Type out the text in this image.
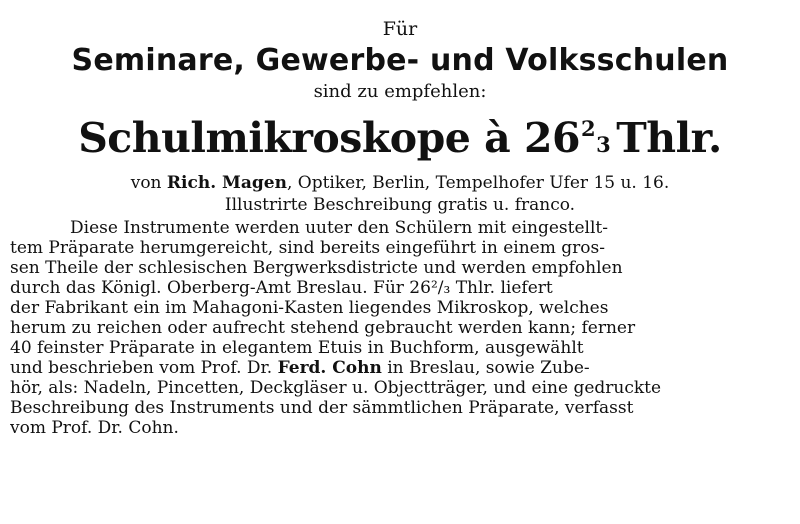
Für
Seminare, Gewerbe- und Volksschulen
sind zu empfehlen:
Schulmikroskope à $26^23$ Thlr.
von Rich. Magen, Optiker, Berlin, Tempelhofer Ufer 15 u. 16.
Illustrirte Beschreibung gratis u. franco.
Diese Instrumente werden uuter den Schülern mit eingestellt-
tem Präparate herumgereicht, sind bereits eingeführt in einem gros-
sen Theile der schlesischen Bergwerksdistricte und werden empfohlen
durch das Königl. Oberberg-Amt Breslau. Für 26²/₃ Thlr. liefert
der Fabrikant ein im Mahagoni-Kasten liegendes Mikroskop, welches
herum zu reichen oder aufrecht stehend gebraucht werden kann; ferner
40 feinster Präparate in elegantem Etuis in Buchform, ausgewählt
und beschrieben vom Prof. Dr. Ferd. Cohn in Breslau, sowie Zube-
hör, als: Nadeln, Pincetten, Deckgläser u. Objectträger, und eine gedruckte
Beschreibung des Instruments und der sämmtlichen Präparate, verfasst
vom Prof. Dr. Cohn.
